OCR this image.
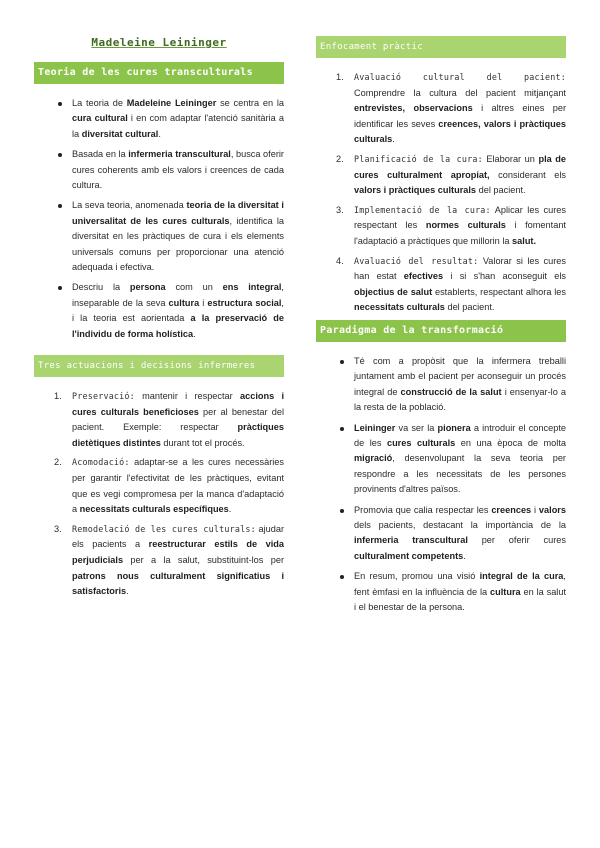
Madeleine Leininger
Teoria de les cures transculturals
La teoria de Madeleine Leininger se centra en la cura cultural i en com adaptar l'atenció sanitària a la diversitat cultural.
Basada en la infermeria transcultural, busca oferir cures coherents amb els valors i creences de cada cultura.
La seva teoria, anomenada teoria de la diversitat i universalitat de les cures culturals, identifica la diversitat en les pràctiques de cura i els elements universals comuns per proporcionar una atenció adequada i efectiva.
Descriu la persona com un ens integral, inseparable de la seva cultura i estructura social, i la teoria est aorientada a la preservació de l'individu de forma holística.
Tres actuacions i decisions infermeres
1. Preservació: mantenir i respectar accions i cures culturals beneficioses per al benestar del pacient. Exemple: respectar pràctiques dietètiques distintes durant tot el procés.
2. Acomodació: adaptar-se a les cures necessàries per garantir l'efectivitat de les pràctiques, evitant que es vegi compromesa per la manca d'adaptació a necessitats culturals específiques.
3. Remodelació de les cures culturals: ajudar els pacients a reestructurar estils de vida perjudicials per a la salut, substituint-los per patrons nous culturalment significatius i satisfactoris.
Enfocament pràctic
1. Avaluació cultural del pacient: Comprendre la cultura del pacient mitjançant entrevistes, observacions i altres eines per identificar les seves creences, valors i pràctiques culturals.
2. Planificació de la cura: Elaborar un pla de cures culturalment apropiat, considerant els valors i pràctiques culturals del pacient.
3. Implementació de la cura: Aplicar les cures respectant les normes culturals i fomentant l'adaptació a pràctiques que millorin la salut.
4. Avaluació del resultat: Valorar si les cures han estat efectives i si s'han aconseguit els objectius de salut establerts, respectant alhora les necessitats culturals del pacient.
Paradigma de la transformació
Té com a propòsit que la infermera treballi juntament amb el pacient per aconseguir un procés integral de construcció de la salut i ensenyar-lo a la resta de la població.
Leininger va ser la pionera a introduir el concepte de les cures culturals en una època de molta migració, desenvolupant la seva teoria per respondre a les necessitats de les persones provinents d'altres països.
Promovia que calia respectar les creences i valors dels pacients, destacant la importància de la infermeria transcultural per oferir cures culturalment competents.
En resum, promou una visió integral de la cura, fent èmfasi en la influència de la cultura en la salut i el benestar de la persona.
